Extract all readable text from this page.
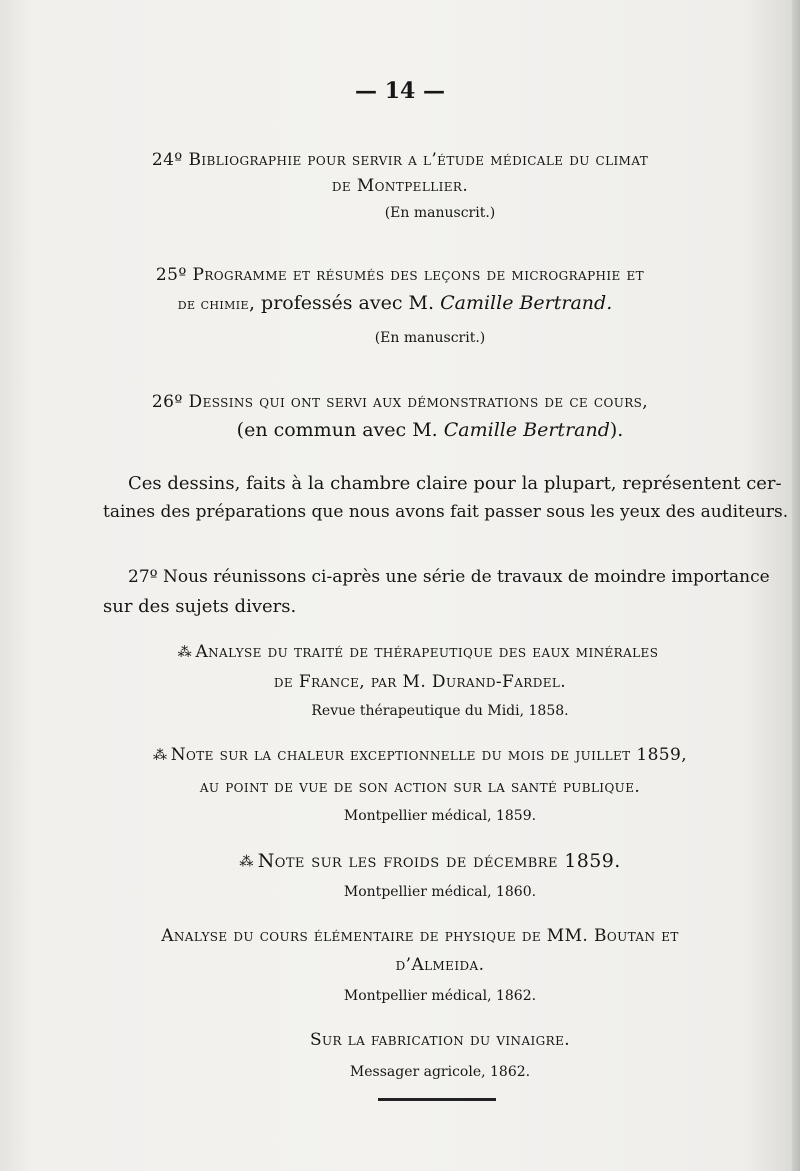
— 14 —
24º Bibliographie pour servir a l’étude médicale du climat
de Montpellier.
(En manuscrit.)
25º Programme et résumés des leçons de micrographie et
de chimie, professés avec M. Camille Bertrand.
(En manuscrit.)
26º Dessins qui ont servi aux démonstrations de ce cours,
(en commun avec M. Camille Bertrand).
Ces dessins, faits à la chambre claire pour la plupart, représentent cer-
taines des préparations que nous avons fait passer sous les yeux des auditeurs.
27º Nous réunissons ci-après une série de travaux de moindre importance
sur des sujets divers.
⁂ Analyse du traité de thérapeutique des eaux minérales
de France, par M. Durand-Fardel.
Revue thérapeutique du Midi, 1858.
⁂ Note sur la chaleur exceptionnelle du mois de juillet 1859,
au point de vue de son action sur la santé publique.
Montpellier médical, 1859.
⁂ Note sur les froids de décembre 1859.
Montpellier médical, 1860.
Analyse du cours élémentaire de physique de MM. Boutan et
d’Almeida.
Montpellier médical, 1862.
Sur la fabrication du vinaigre.
Messager agricole, 1862.
